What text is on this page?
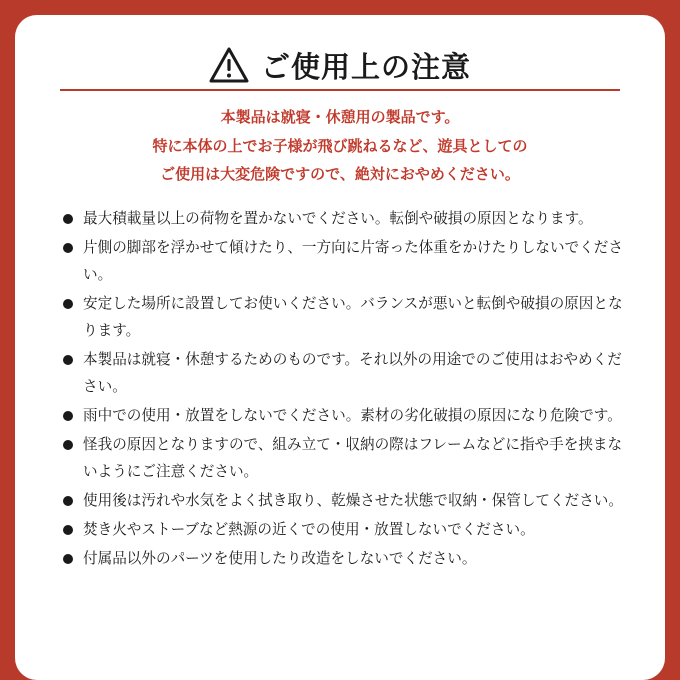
ご使用上の注意
本製品は就寝・休憩用の製品です。
特に本体の上でお子様が飛び跳ねるなど、遊具としての
ご使用は大変危険ですので、絶対におやめください。
最大積載量以上の荷物を置かないでください。転倒や破損の原因となります。
片側の脚部を浮かせて傾けたり、一方向に片寄った体重をかけたりしないでください。
安定した場所に設置してお使いください。バランスが悪いと転倒や破損の原因となります。
本製品は就寝・休憩するためのものです。それ以外の用途でのご使用はおやめください。
雨中での使用・放置をしないでください。素材の劣化破損の原因になり危険です。
怪我の原因となりますので、組み立て・収納の際はフレームなどに指や手を挟まないようにご注意ください。
使用後は汚れや水気をよく拭き取り、乾燥させた状態で収納・保管してください。
焚き火やストーブなど熱源の近くでの使用・放置しないでください。
付属品以外のパーツを使用したり改造をしないでください。
